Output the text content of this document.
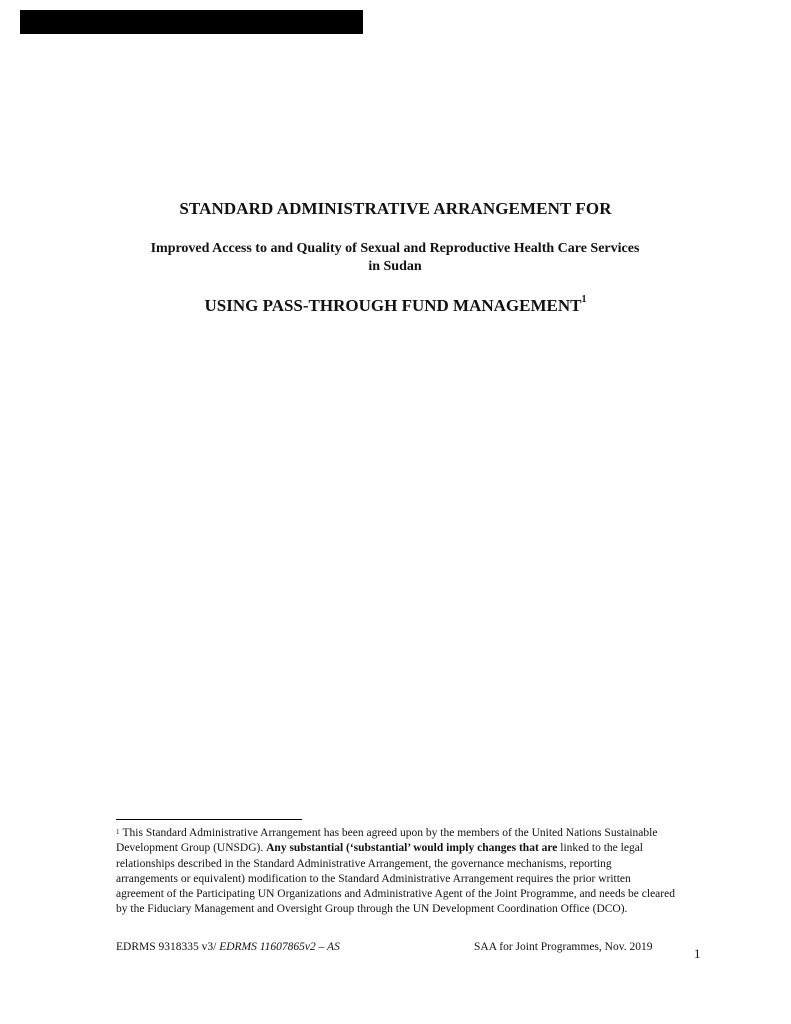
STANDARD ADMINISTRATIVE ARRANGEMENT FOR
Improved Access to and Quality of Sexual and Reproductive Health Care Services
in Sudan
USING PASS-THROUGH FUND MANAGEMENT$^1$
$^1$ This Standard Administrative Arrangement has been agreed upon by the members of the United Nations Sustainable Development Group (UNSDG). Any substantial (‘substantial’ would imply changes that are linked to the legal relationships described in the Standard Administrative Arrangement, the governance mechanisms, reporting arrangements or equivalent) modification to the Standard Administrative Arrangement requires the prior written agreement of the Participating UN Organizations and Administrative Agent of the Joint Programme, and needs be cleared by the Fiduciary Management and Oversight Group through the UN Development Coordination Office (DCO).
EDRMS 9318335 v3/ EDRMS 11607865v2 – AS	SAA for Joint Programmes, Nov. 2019	1
